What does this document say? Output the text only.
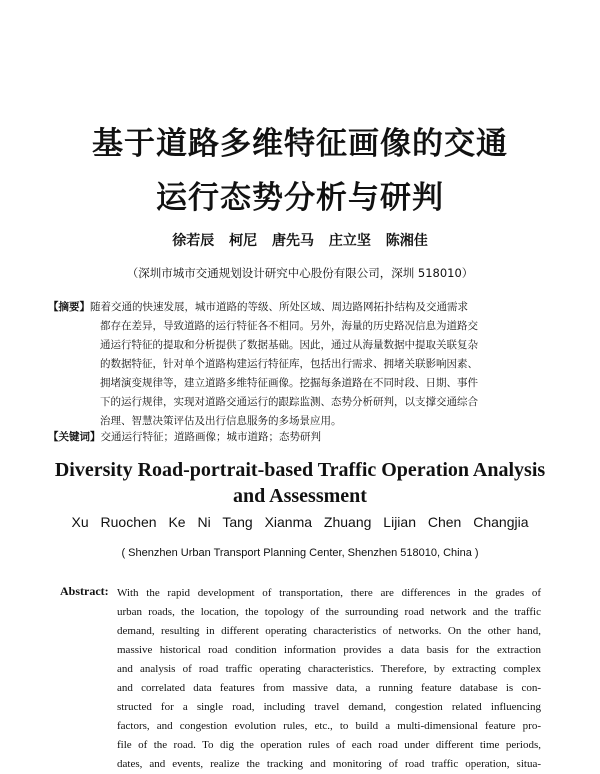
基于道路多维特征画像的交通
运行态势分析与研判
徐若辰 柯尼 唐先马 庄立坚 陈湘佳
（深圳市城市交通规划设计研究中心股份有限公司，深圳 518010）
【摘要】随着交通的快速发展，城市道路的等级、所处区域、周边路网拓扑结构及交通需求
都存在差异，导致道路的运行特征各不相同。另外，海量的历史路况信息为道路交
通运行特征的提取和分析提供了数据基础。因此，通过从海量数据中提取关联复杂
的数据特征，针对单个道路构建运行特征库，包括出行需求、拥堵关联影响因素、
拥堵演变规律等，建立道路多维特征画像。挖掘每条道路在不同时段、日期、事件
下的运行规律，实现对道路交通运行的跟踪监测、态势分析研判，以支撑交通综合
治理、智慧决策评估及出行信息服务的多场景应用。
【关键词】交通运行特征；道路画像；城市道路；态势研判
Diversity Road-portrait-based Traffic Operation Analysis
and Assessment
Xu Ruochen Ke Ni Tang Xianma Zhuang Lijian Chen Changjia
( Shenzhen Urban Transport Planning Center, Shenzhen 518010, China )
Abstract: With the rapid development of transportation, there are differences in the grades of
urban roads, the location, the topology of the surrounding road network and the traffic
demand, resulting in different operating characteristics of networks. On the other hand,
massive historical road condition information provides a data basis for the extraction
and analysis of road traffic operating characteristics. Therefore, by extracting complex
and correlated data features from massive data, a running feature database is con-
structed for a single road, including travel demand, congestion related influencing
factors, and congestion evolution rules, etc., to build a multi-dimensional feature pro-
file of the road. To dig the operation rules of each road under different time periods,
dates, and events, realize the tracking and monitoring of road traffic operation, situa-
